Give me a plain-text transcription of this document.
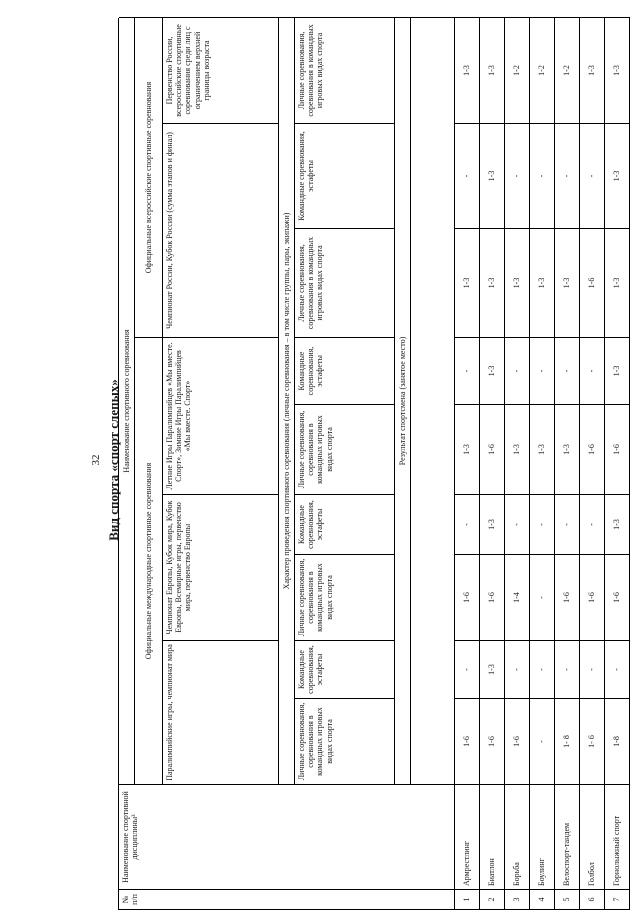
32 Вид спорта «спорт слепых»
№ п/п
Наименование спортивной дисциплины³
Наименование спортивного соревнования
Официальные международные спортивные соревнования
Официальные всероссийские спортивные соревнования
Паралимпийские игры, чемпионат мира
Чемпионат Европы, Кубок мира, Кубок Европы, Всемирные игры, первенство мира, первенство Европы
Летние Игры Паралимпийцев «Мы вместе. Спорт», Зимние Игры Паралимпийцев «Мы вместе. Спорт»
Чемпионат России, Кубок России (сумма этапов и финал)
Первенство России, всероссийские спортивные соревнования среди лиц с ограничением верхней границы возраста
Характер проведения спортивного соревнования (личные соревнования – в том числе группы, пары, экипажи)
Личные соревнования, соревнования в командных игровых видах спорта
Командные соревнования, эстафеты
Личные соревнования, соревнования в командных игровых видах спорта
Командные соревнования, эстафеты
Личные соревнования, соревнования в командных игровых видах спорта
Командные соревнования, эстафеты
Личные соревнования, соревнования в командных игровых видах спорта
Командные соревнования, эстафеты
Личные соревнования, соревнования в командных игровых видах спорта
Результат спортсмена (занятое место)
1
Армрестлинг
1-6
-
1-6
-
1-3
-
1-3
-
1-3
2
Биатлон
1-6
1-3
1-6
1-3
1-6
1-3
1-3
1-3
1-3
3
Борьба
1-6
-
1-4
-
1-3
-
1-3
-
1-2
4
Боулинг
-
-
-
-
1-3
-
1-3
-
1-2
5
Велоспорт-тандем
1- 8
-
1-6
-
1-3
-
1-3
-
1-2
6
Голбол
1- 6
-
1-6
-
1-6
-
1-6
-
1-3
7
Горнолыжный спорт
1-8
-
1-6
1-3
1-6
1-3
1-3
1-3
1-3
